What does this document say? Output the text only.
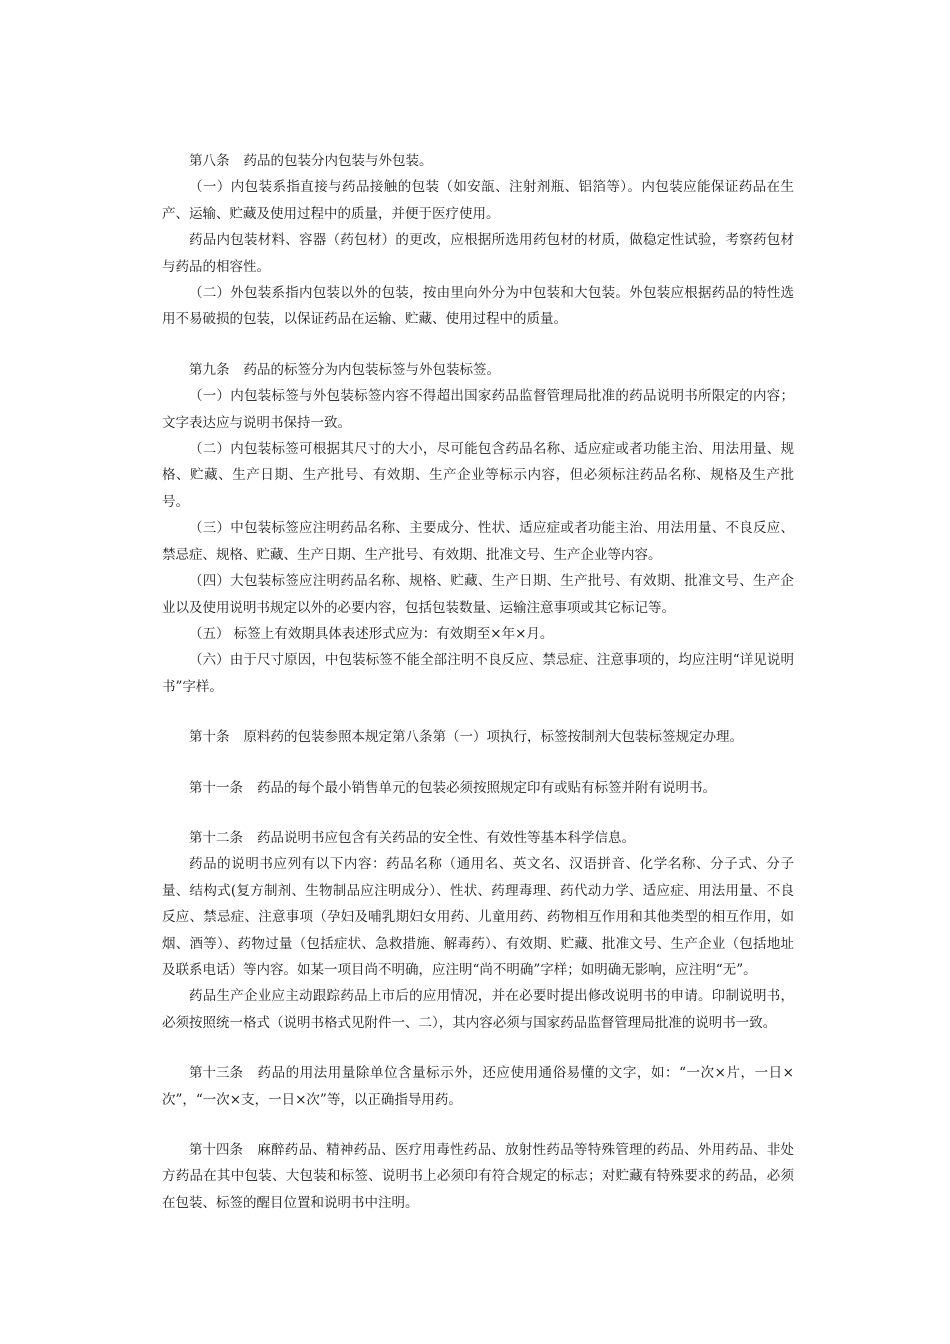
第八条 药品的包装分内包装与外包装。

（一）内包装系指直接与药品接触的包装（如安瓿、注射剂瓶、铝箔等）。内包装应能保证药品在生产、运输、贮藏及使用过程中的质量，并便于医疗使用。

药品内包装材料、容器（药包材）的更改，应根据所选用药包材的材质，做稳定性试验，考察药包材与药品的相容性。

（二）外包装系指内包装以外的包装，按由里向外分为中包装和大包装。外包装应根据药品的特性选用不易破损的包装，以保证药品在运输、贮藏、使用过程中的质量。

第九条 药品的标签分为内包装标签与外包装标签。

（一）内包装标签与外包装标签内容不得超出国家药品监督管理局批准的药品说明书所限定的内容；文字表达应与说明书保持一致。

（二）内包装标签可根据其尺寸的大小，尽可能包含药品名称、适应症或者功能主治、用法用量、规格、贮藏、生产日期、生产批号、有效期、生产企业等标示内容，但必须标注药品名称、规格及生产批号。

（三）中包装标签应注明药品名称、主要成分、性状、适应症或者功能主治、用法用量、不良反应、禁忌症、规格、贮藏、生产日期、生产批号、有效期、批准文号、生产企业等内容。

（四）大包装标签应注明药品名称、规格、贮藏、生产日期、生产批号、有效期、批准文号、生产企业以及使用说明书规定以外的必要内容，包括包装数量、运输注意事项或其它标记等。

（五） 标签上有效期具体表述形式应为：有效期至×年×月。

（六）由于尺寸原因，中包装标签不能全部注明不良反应、禁忌症、注意事项的，均应注明“详见说明书”字样。

第十条 原料药的包装参照本规定第八条第（一）项执行，标签按制剂大包装标签规定办理。

第十一条 药品的每个最小销售单元的包装必须按照规定印有或贴有标签并附有说明书。

第十二条 药品说明书应包含有关药品的安全性、有效性等基本科学信息。

药品的说明书应列有以下内容：药品名称（通用名、英文名、汉语拼音、化学名称、分子式、分子量、结构式(复方制剂、生物制品应注明成分）、性状、药理毒理、药代动力学、适应症、用法用量、不良反应、禁忌症、注意事项（孕妇及哺乳期妇女用药、儿童用药、药物相互作用和其他类型的相互作用，如烟、酒等）、药物过量（包括症状、急救措施、解毒药）、有效期、贮藏、批准文号、生产企业（包括地址及联系电话）等内容。如某一项目尚不明确，应注明“尚不明确”字样；如明确无影响，应注明“无”。

药品生产企业应主动跟踪药品上市后的应用情况，并在必要时提出修改说明书的申请。印制说明书，必须按照统一格式（说明书格式见附件一、二），其内容必须与国家药品监督管理局批准的说明书一致。

第十三条 药品的用法用量除单位含量标示外，还应使用通俗易懂的文字，如：“一次×片，一日×次”，“一次×支，一日×次”等，以正确指导用药。

第十四条 麻醉药品、精神药品、医疗用毒性药品、放射性药品等特殊管理的药品、外用药品、非处方药品在其中包装、大包装和标签、说明书上必须印有符合规定的标志；对贮藏有特殊要求的药品，必须在包装、标签的醒目位置和说明书中注明。
